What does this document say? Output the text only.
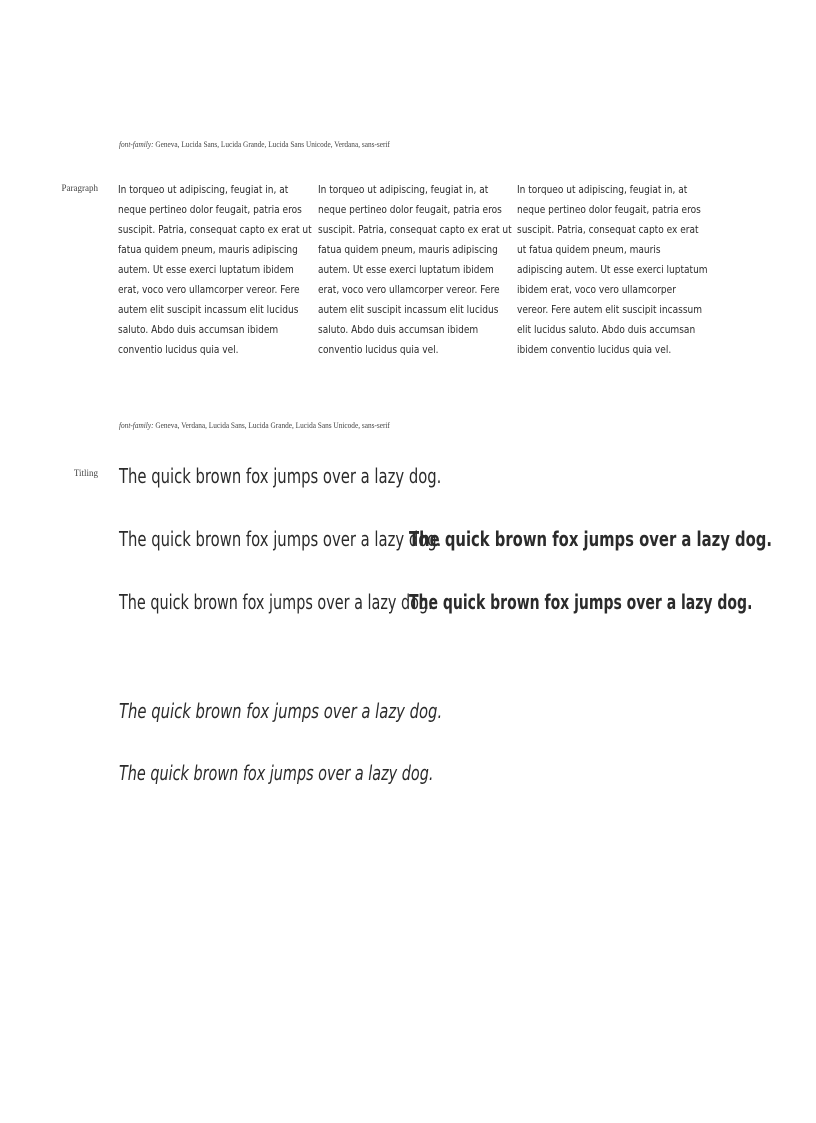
font-family: Geneva, Lucida Sans, Lucida Grande, Lucida Sans Unicode, Verdana, sans-serif
Paragraph In torqueo ut adipiscing, feugiat in, at neque pertineo dolor feugait, patria eros suscipit. Patria, consequat capto ex erat ut fatua quidem pneum, mauris adipiscing autem. Ut esse exerci luptatum ibidem erat, voco vero ullamcorper vereor. Fere autem elit suscipit incassum elit lucidus saluto. Abdo duis accumsan ibidem conventio lucidus quia vel.
In torqueo ut adipiscing, feugiat in, at neque pertineo dolor feugait, patria eros suscipit. Patria, consequat capto ex erat ut fatua quidem pneum, mauris adipiscing autem. Ut esse exerci luptatum ibidem erat, voco vero ullamcorper vereor. Fere autem elit suscipit incassum elit lucidus saluto. Abdo duis accumsan ibidem conventio lucidus quia vel.
In torqueo ut adipiscing, feugiat in, at neque pertineo dolor feugait, patria eros suscipit. Patria, consequat capto ex erat ut fatua quidem pneum, mauris adipiscing autem. Ut esse exerci luptatum ibidem erat, voco vero ullamcorper vereor. Fere autem elit suscipit incassum elit lucidus saluto. Abdo duis accumsan ibidem conventio lucidus quia vel.
font-family: Geneva, Verdana, Lucida Sans, Lucida Grande, Lucida Sans Unicode, sans-serif
Titling The quick brown fox jumps over a lazy dog.
The quick brown fox jumps over a lazy dog.
The quick brown fox jumps over a lazy dog.
The quick brown fox jumps over a lazy dog.
The quick brown fox jumps over a lazy dog.
The quick brown fox jumps over a lazy dog.
The quick brown fox jumps over a lazy dog.
